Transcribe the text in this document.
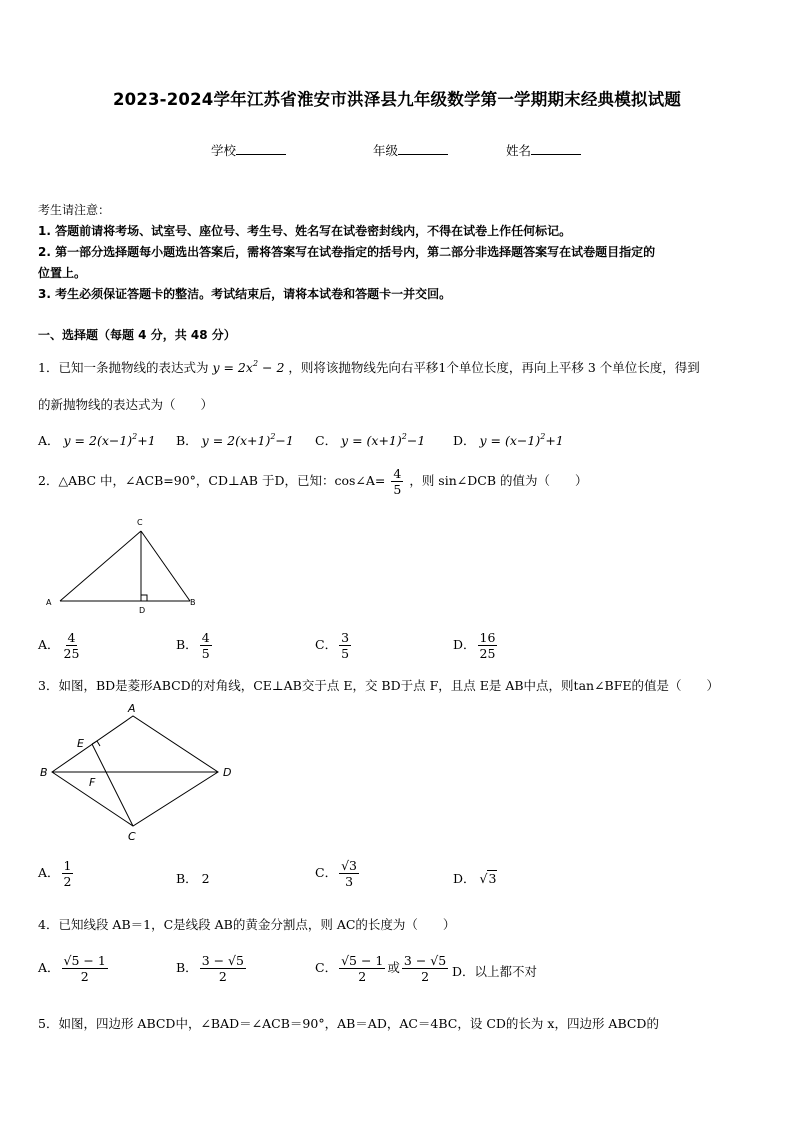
2023-2024学年江苏省淮安市洪泽县九年级数学第一学期期末经典模拟试题
学校	年级	姓名
考生请注意：
1. 答题前请将考场、试室号、座位号、考生号、姓名写在试卷密封线内，不得在试卷上作任何标记。
2. 第一部分选择题每小题选出答案后，需将答案写在试卷指定的括号内，第二部分非选择题答案写在试卷题目指定的
位置上。
3. 考生必须保证答题卡的整洁。考试结束后，请将本试卷和答题卡一并交回。
一、选择题（每题 4 分，共 48 分）
1．已知一条抛物线的表达式为 $y = 2x^2 - 2$ ，则将该抛物线先向右平移1个单位长度，再向上平移 3 个单位长度，得到
的新抛物线的表达式为（　　）
A． $y = 2(x-1)^2+1$ B． $y = 2(x+1)^2-1$ C． $y = (x+1)^2-1$ D． $y = (x-1)^2+1$
2．△ABC 中，∠ACB=90°，CD⊥AB 于D，已知：cos∠A= $\frac{4}{5}$ ，则 sin∠DCB 的值为（　　）
C
A	B
D
A． $\frac{4}{25}$	B． $\frac{4}{5}$	C． $\frac{3}{5}$	D． $\frac{16}{25}$
3．如图，BD是菱形ABCD的对角线，CE⊥AB交于点 E，交 BD于点 F，且点 E是 AB中点，则tan∠BFE的值是（　　）
A
B	D
C
E
F
A． $\frac{1}{2}$	B． 2	C． $\frac{√3}{3}$	D． √3
4．已知线段 AB＝1，C是线段 AB的黄金分割点，则 AC的长度为（　　）
A． $\frac{√5 - 1}{2}$	B． $\frac{3 - √5}{2}$	C． $\frac{√5 - 1}{2}$ 或 $\frac{3 - √5}{2}$ D．以上都不对
5．如图，四边形 ABCD中，∠BAD＝∠ACB＝90°，AB＝AD，AC＝4BC，设 CD的长为 x，四边形 ABCD的
